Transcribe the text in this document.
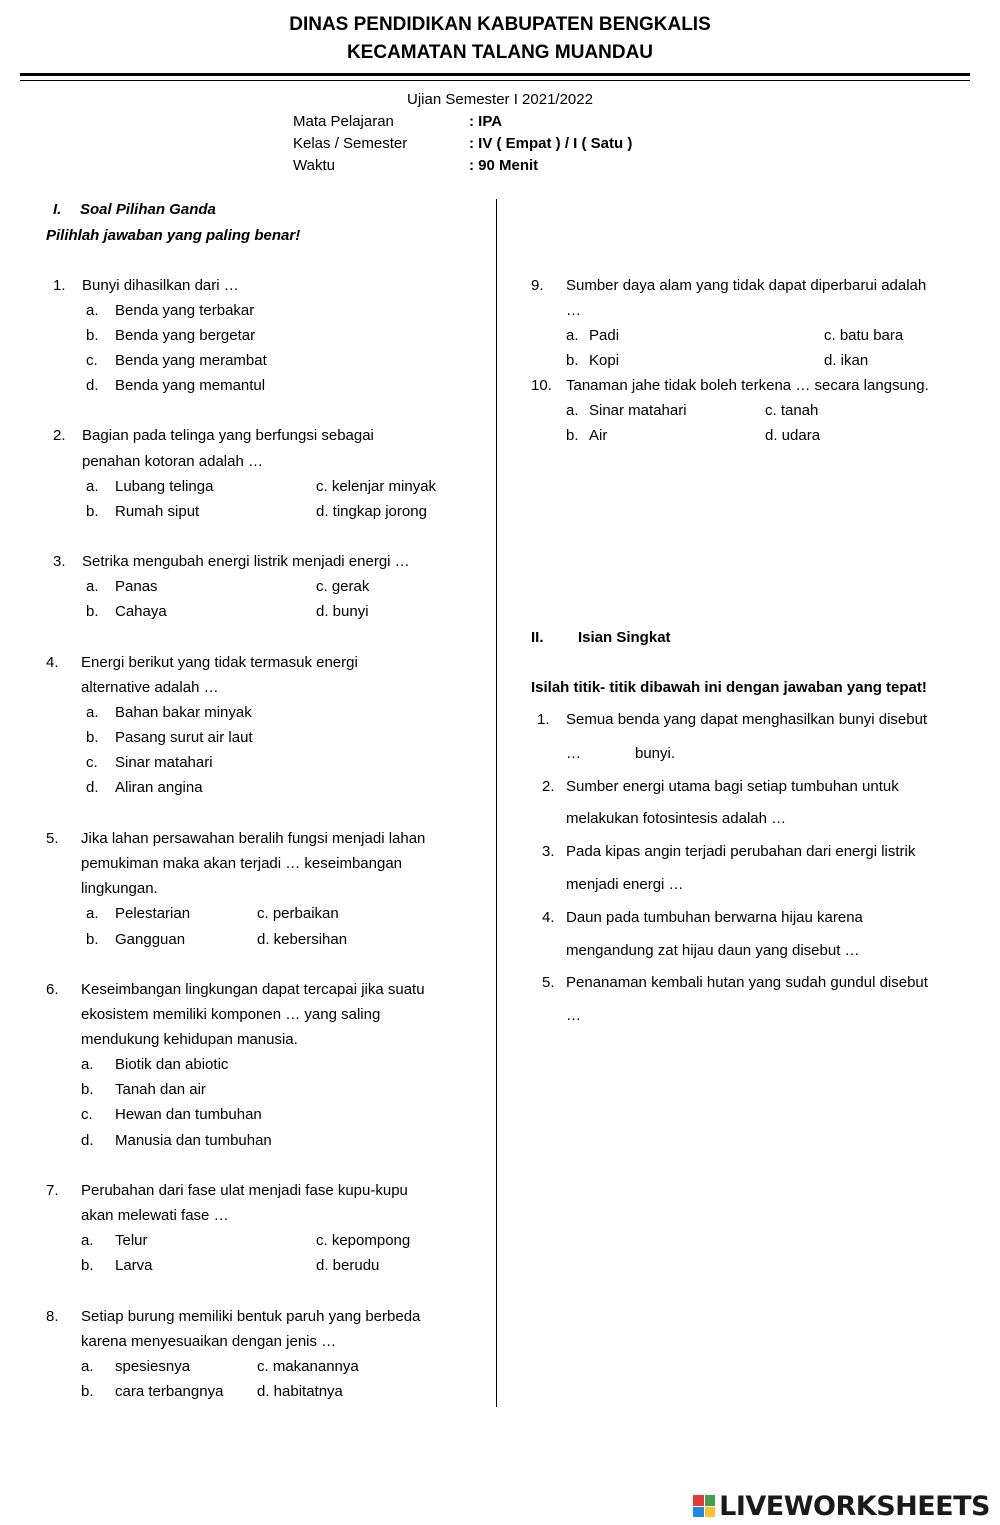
DINAS PENDIDIKAN KABUPATEN BENGKALIS
KECAMATAN TALANG MUANDAU
Ujian Semester I 2021/2022
Mata Pelajaran	: IPA
Kelas / Semester	: IV ( Empat ) / I ( Satu )
Waktu	: 90 Menit
I. Soal Pilihan Ganda
Pilihlah jawaban yang paling benar!
1. Bunyi dihasilkan dari …
a. Benda yang terbakar
b. Benda yang bergetar
c. Benda yang merambat
d. Benda yang memantul
2. Bagian pada telinga yang berfungsi sebagai
penahan kotoran adalah …
a. Lubang telinga	c. kelenjar minyak
b. Rumah siput	d. tingkap jorong
3. Setrika mengubah energi listrik menjadi energi …
a. Panas	c. gerak
b. Cahaya	d. bunyi
4. Energi berikut yang tidak termasuk energi
alternative adalah …
a. Bahan bakar minyak
b. Pasang surut air laut
c. Sinar matahari
d. Aliran angina
5. Jika lahan persawahan beralih fungsi menjadi lahan
pemukiman maka akan terjadi … keseimbangan
lingkungan.
a. Pelestarian	c. perbaikan
b. Gangguan	d. kebersihan
6. Keseimbangan lingkungan dapat tercapai jika suatu
ekosistem memiliki komponen … yang saling
mendukung kehidupan manusia.
a. Biotik dan abiotic
b. Tanah dan air
c. Hewan dan tumbuhan
d. Manusia dan tumbuhan
7. Perubahan dari fase ulat menjadi fase kupu-kupu
akan melewati fase …
a. Telur	c. kepompong
b. Larva	d. berudu
8. Setiap burung memiliki bentuk paruh yang berbeda
karena menyesuaikan dengan jenis …
a. spesiesnya	c. makanannya
b. cara terbangnya d. habitatnya
9. Sumber daya alam yang tidak dapat diperbarui adalah
…
a. Padi	c. batu bara
b. Kopi	d. ikan
10. Tanaman jahe tidak boleh terkena … secara langsung.
a. Sinar matahari	c. tanah
b. Air	d. udara
II. Isian Singkat
Isilah titik- titik dibawah ini dengan jawaban yang tepat!
1. Semua benda yang dapat menghasilkan bunyi disebut
…	bunyi.
2. Sumber energi utama bagi setiap tumbuhan untuk
melakukan fotosintesis adalah …
3. Pada kipas angin terjadi perubahan dari energi listrik
menjadi energi …
4. Daun pada tumbuhan berwarna hijau karena
mengandung zat hijau daun yang disebut …
5. Penanaman kembali hutan yang sudah gundul disebut
…
LIVEWORKSHEETS
